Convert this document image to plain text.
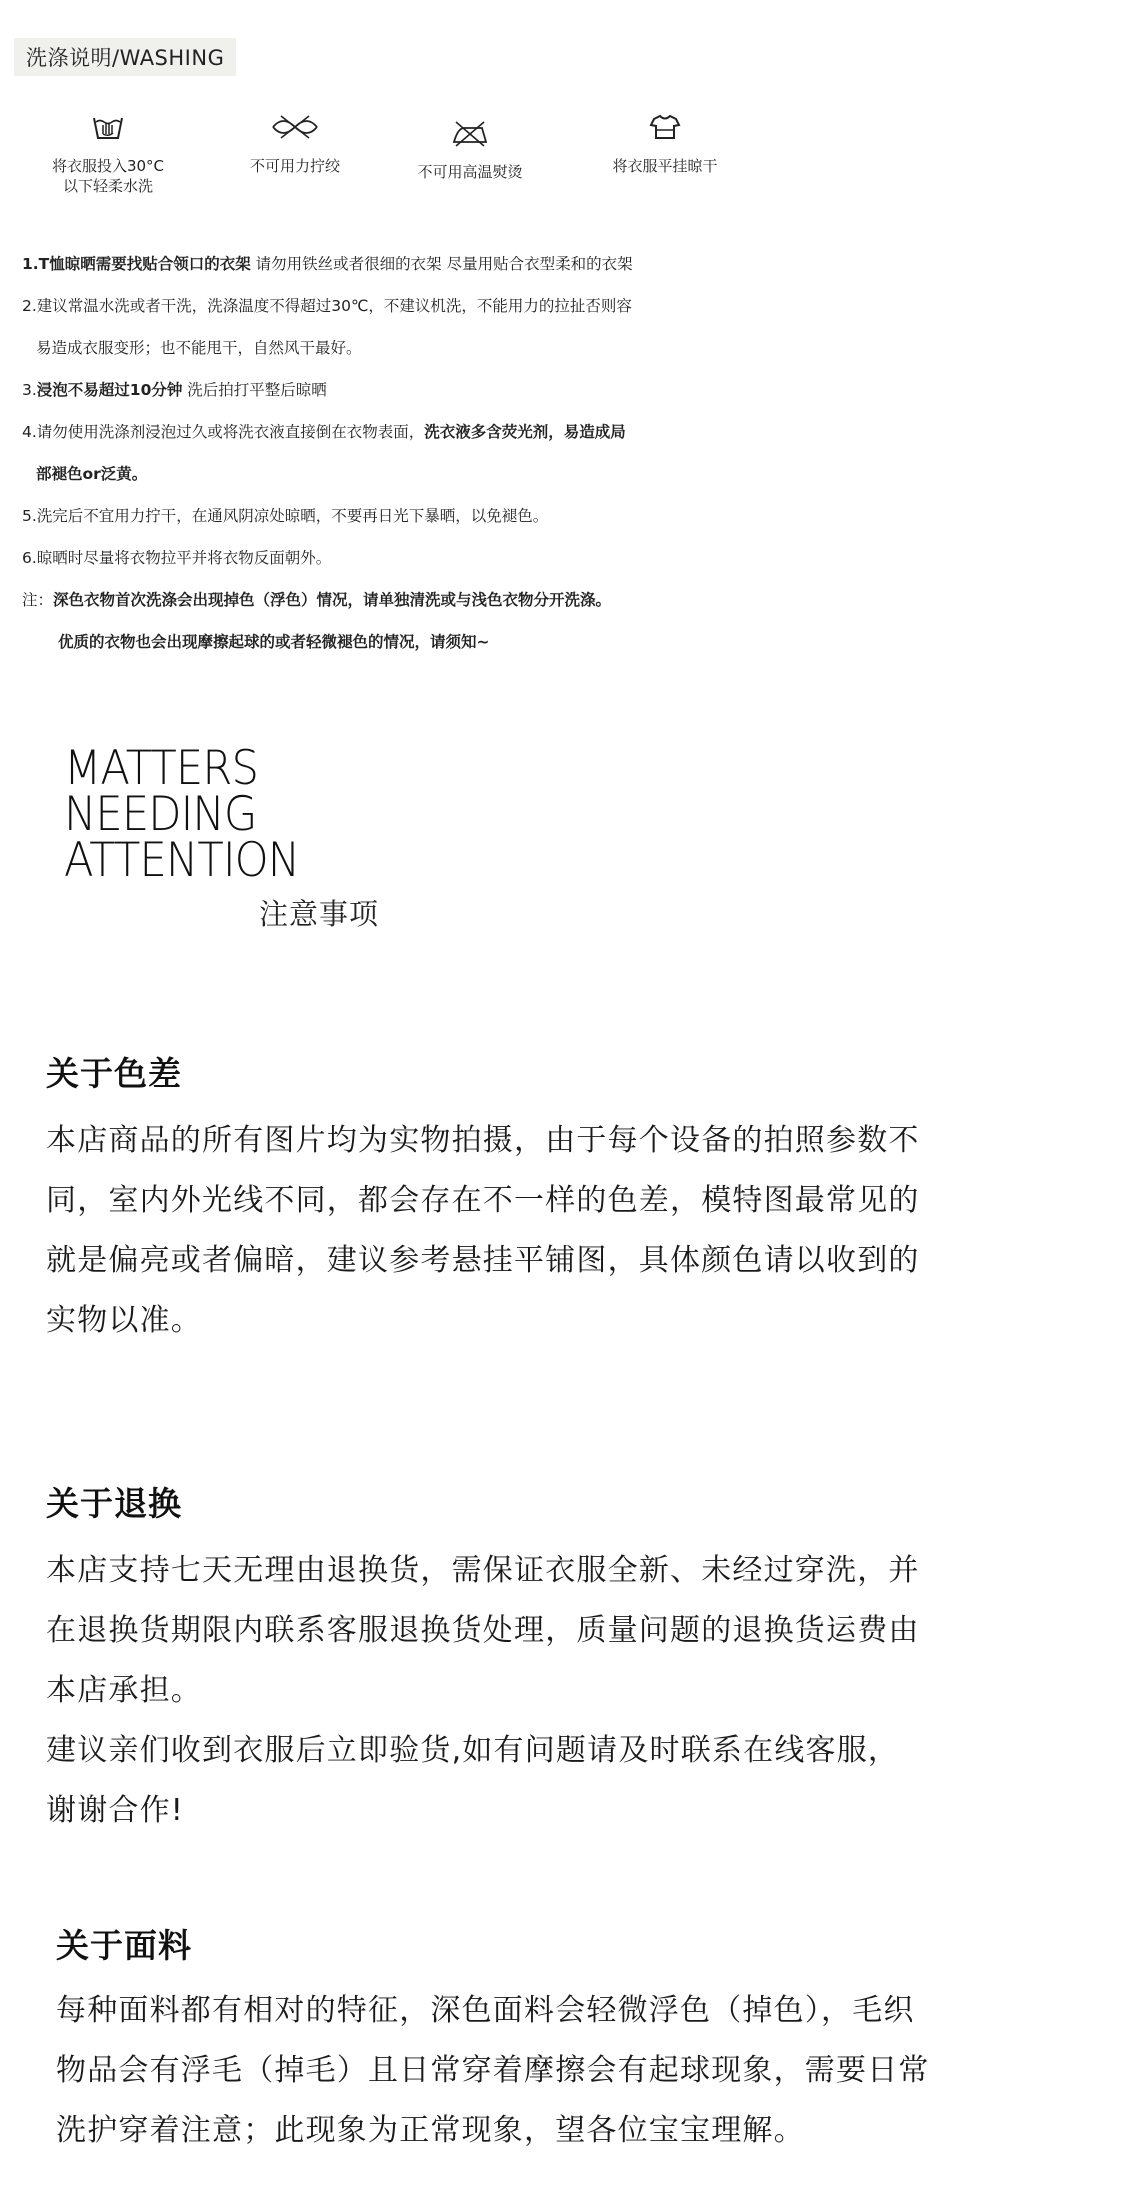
洗涤说明/WASHING
将衣服投入30°C
以下轻柔水洗
不可用力拧绞	不可用高温熨烫	将衣服平挂晾干
1.T恤晾晒需要找贴合领口的衣架 请勿用铁丝或者很细的衣架 尽量用贴合衣型柔和的衣架
2.建议常温水洗或者干洗，洗涤温度不得超过30℃，不建议机洗，不能用力的拉扯否则容
易造成衣服变形；也不能甩干，自然风干最好。
3.浸泡不易超过10分钟 洗后拍打平整后晾晒
4.请勿使用洗涤剂浸泡过久或将洗衣液直接倒在衣物表面，洗衣液多含荧光剂，易造成局
部褪色or泛黄。
5.洗完后不宜用力拧干，在通风阴凉处晾晒，不要再日光下暴晒，以免褪色。
6.晾晒时尽量将衣物拉平并将衣物反面朝外。
注：深色衣物首次洗涤会出现掉色（浮色）情况，请单独清洗或与浅色衣物分开洗涤。
优质的衣物也会出现摩擦起球的或者轻微褪色的情况，请须知~
MATTERS
NEEDING
ATTENTION
注意事项
关于色差
本店商品的所有图片均为实物拍摄，由于每个设备的拍照参数不
同，室内外光线不同，都会存在不一样的色差，模特图最常见的
就是偏亮或者偏暗，建议参考悬挂平铺图，具体颜色请以收到的
实物以准。
关于退换
本店支持七天无理由退换货，需保证衣服全新、未经过穿洗，并
在退换货期限内联系客服退换货处理，质量问题的退换货运费由
本店承担。
建议亲们收到衣服后立即验货,如有问题请及时联系在线客服，
谢谢合作!
关于面料
每种面料都有相对的特征，深色面料会轻微浮色（掉色），毛织
物品会有浮毛（掉毛）且日常穿着摩擦会有起球现象，需要日常
洗护穿着注意；此现象为正常现象，望各位宝宝理解。
